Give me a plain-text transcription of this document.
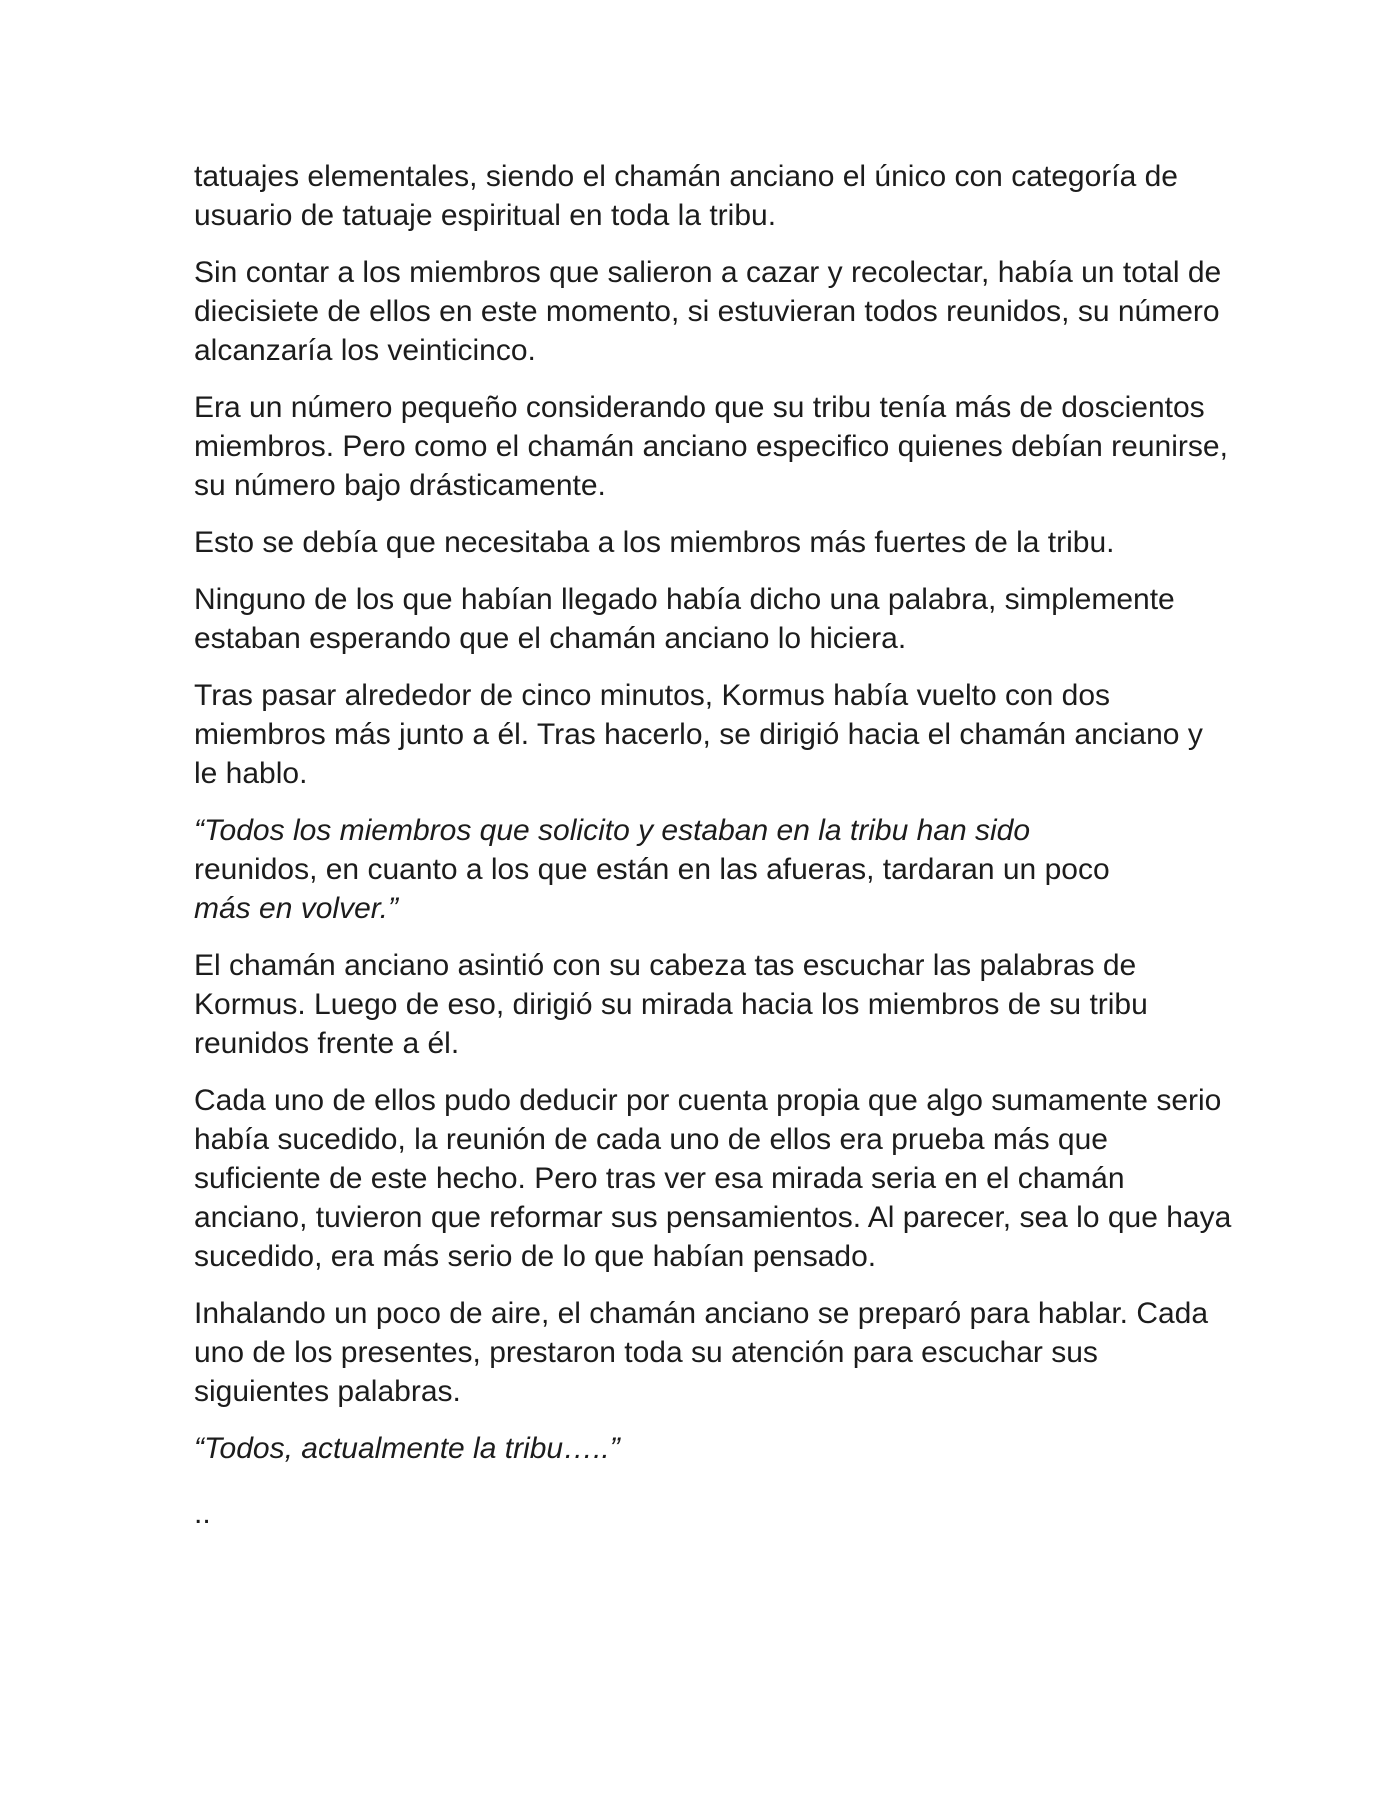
tatuajes elementales, siendo el chamán anciano el único con categoría de usuario de tatuaje espiritual en toda la tribu.

Sin contar a los miembros que salieron a cazar y recolectar, había un total de diecisiete de ellos en este momento, si estuvieran todos reunidos, su número alcanzaría los veinticinco.

Era un número pequeño considerando que su tribu tenía más de doscientos miembros. Pero como el chamán anciano especifico quienes debían reunirse, su número bajo drásticamente.

Esto se debía que necesitaba a los miembros más fuertes de la tribu.

Ninguno de los que habían llegado había dicho una palabra, simplemente estaban esperando que el chamán anciano lo hiciera.

Tras pasar alrededor de cinco minutos, Kormus había vuelto con dos miembros más junto a él. Tras hacerlo, se dirigió hacia el chamán anciano y le hablo.

“Todos los miembros que solicito y estaban en la tribu han sido
reunidos, en cuanto a los que están en las afueras, tardaran un poco
más en volver.”

El chamán anciano asintió con su cabeza tas escuchar las palabras de Kormus. Luego de eso, dirigió su mirada hacia los miembros de su tribu reunidos frente a él.

Cada uno de ellos pudo deducir por cuenta propia que algo sumamente serio había sucedido, la reunión de cada uno de ellos era prueba más que suficiente de este hecho. Pero tras ver esa mirada seria en el chamán anciano, tuvieron que reformar sus pensamientos. Al parecer, sea lo que haya sucedido, era más serio de lo que habían pensado.

Inhalando un poco de aire, el chamán anciano se preparó para hablar. Cada uno de los presentes, prestaron toda su atención para escuchar sus siguientes palabras.

“Todos, actualmente la tribu…..”

..
